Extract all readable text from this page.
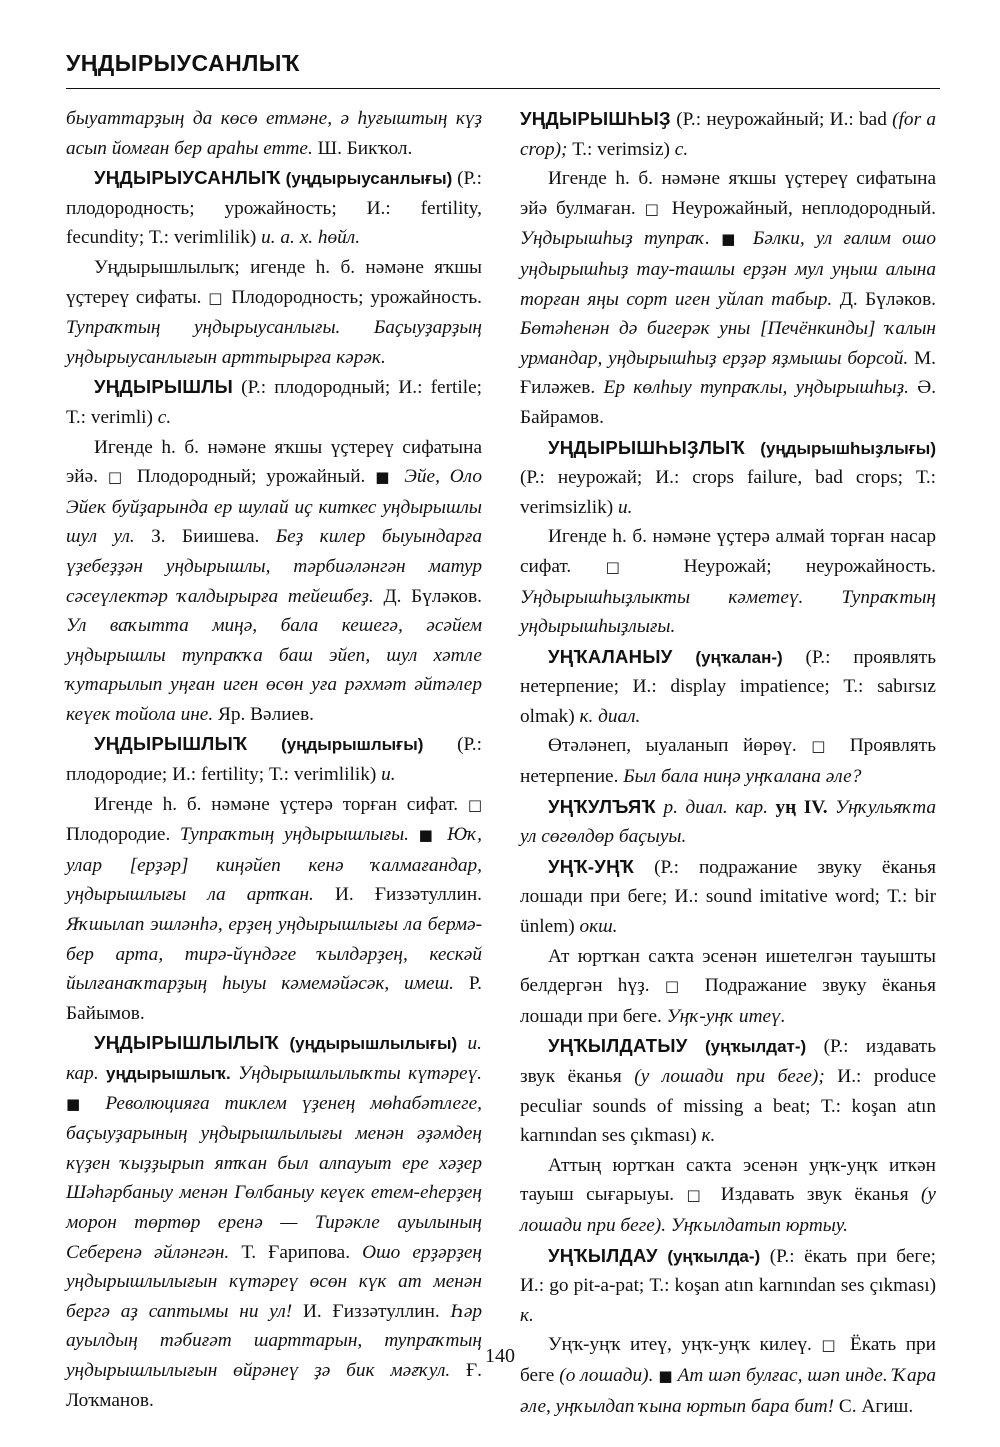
УҢДЫРЫУСАНЛЫҠ

быуаттарҙың да көсө етмәне, ә һуғыштың күҙ асып йомған бер араһы етте. Ш. Бикҡол.

УҢДЫРЫУСАНЛЫҠ (уңдырыусанлығы) (Р.: плодородность; урожайность; И.: fertility, fecundity; Т.: verimlilik) и. а. х. һөйл.

Уңдырышлылыҡ; игенде һ. б. нәмәне яҡшы үҫтереү сифаты. □ Плодородность; урожайность. Тупраҡтың уңдырыусанлығы. Баҫыуҙарҙың уңдырыусанлығын арттырырға кәрәк.

УҢДЫРЫШЛЫ (Р.: плодородный; И.: fertile; Т.: verimli) с.

Игенде һ. б. нәмәне яҡшы үҫтереү сифатына эйә. □ Плодородный; урожайный. ■ Эйе, Оло Эйек буйҙарында ер шулай иҫ киткес уңдырышлы шул ул. З. Биишева. Беҙ килер быуындарға үҙебеҙҙән уңдырышлы, тәрбиәләнгән матур сәсеүлектәр ҡалдырырға тейешбеҙ. Д. Бүләков. Ул ваҡытта миңә, бала кешегә, әсәйем уңдырышлы тупраҡҡа баш эйеп, шул хәтле ҡутарылып уңған иген өсөн уға рәхмәт әйтәлер кеүек тойола ине. Яр. Вәлиев.

УҢДЫРЫШЛЫҠ (уңдырышлығы) (Р.: плодородие; И.: fertility; Т.: verimlilik) и.

Игенде һ. б. нәмәне үҫтерә торған сифат. □ Плодородие. Тупраҡтың уңдырышлығы. ■ Юҡ, улар [ерҙәр] киңәйеп кенә ҡалмағандар, уңдырышлығы ла артҡан. И. Ғиззәтуллин. Яҡшылап эшләнһә, ерҙең уңдырышлығы ла бермә-бер арта, тирә-йүндәге ҡылдәрҙең, кескәй йылғанаҡтарҙың һыуы кәмемәйәсәк, имеш. Р. Байымов.

УҢДЫРЫШЛЫЛЫҠ (уңдырышлылығы) и. кар. уңдырышлыҡ. Уңдырышлылыҡты күтәреү. ■ Революцияға тиклем үҙенең мөһабәтлеге, баҫыуҙарының уңдырышлылығы менән әҙәмдең күҙен ҡыҙҙырып ятҡан был алпауыт ере хәҙер Шәһәрбаныу менән Гөлбаныу кеүек етем-еһерҙең морон төртөр еренә — Тирәкле ауылының Себеренә әйләнгән. Т. Ғарипова. Ошо ерҙәрҙең уңдырышлылығын күтәреү өсөн күк ат менән бергә аҙ саптымы ни ул! И. Ғиззәтуллин. Һәр ауылдың тәбиғәт шарттарын, тупраҡтың уңдырышлылығын өйрәнеү ҙә бик мәғҡул. Ғ. Лоҡманов.

УҢДЫРЫШҺЫҘ (Р.: неурожайный; И.: bad (for a crop); Т.: verimsiz) с.

Игенде һ. б. нәмәне яҡшы үҫтереү сифатына эйә булмаған. □ Неурожайный, неплодородный. Уңдырышһыҙ тупраҡ. ■ Бәлки, ул ғалим ошо уңдырышһыҙ тау-ташлы ерҙән мул уңыш алына торған яңы сорт иген уйлап табыр. Д. Бүләков. Бөтәһенән дә бигерәк уны [Печёнкинды] ҡалын урмандар, уңдырышһыҙ ерҙәр яҙмышы борсой. М. Ғиләжев. Ер көлһыу тупраҡлы, уңдырышһыҙ. Ә. Байрамов.

УҢДЫРЫШҺЫҘЛЫҠ (уңдырышһыҙлығы) (Р.: неурожай; И.: crops failure, bad crops; Т.: verimsizlik) и.

Игенде һ. б. нәмәне үҫтерә алмай торған насар сифат. □ Неурожай; неурожайность. Уңдырышһыҙлыкты кәметеү. Тупраҡтың уңдырышһыҙлығы.

УҢҠАЛАНЫУ (уңҡалан-) (Р.: проявлять нетерпение; И.: display impatience; Т.: sabırsız olmak) к. диал.

Өтәләнеп, ыуаланып йөрөү. □ Проявлять нетерпение. Был бала ниңә уңҡалана әле?

УҢҠУЛЪЯҠ р. диал. кар. уң IV. Уңҡульяҡта ул сөгөлдөр баҫыуы.

УҢҠ-УҢҠ (Р.: подражание звуку ёканья лошади при беге; И.: sound imitative word; Т.: bir ünlem) окш.

Ат юртҡан саҡта эсенән ишетелгән тауышты белдергән һүҙ. □ Подражание звуку ёканья лошади при беге. Уңҡ-уңҡ итеү.

УҢҠЫЛДАТЫУ (уңҡылдат-) (Р.: издавать звук ёканья (у лошади при беге); И.: produce peculiar sounds of missing a beat; Т.: koşan atın karnından ses çıkması) к.

Аттың юртҡан саҡта эсенән уңҡ-уңҡ иткән тауыш сығарыуы. □ Издавать звук ёканья (у лошади при беге). Уңҡылдатып юртыу.

УҢҠЫЛДАУ (уңҡылда-) (Р.: ёкать при беге; И.: go pit-a-pat; Т.: koşan atın karnından ses çıkması) к.

Уңҡ-уңҡ итеү, уңҡ-уңҡ килеү. □ Ёкать при беге (о лошади). ■ Ат шәп булғас, шәп инде. Ҡара әле, уңҡылдап ҡына юртып бара бит! С. Агиш.

140
